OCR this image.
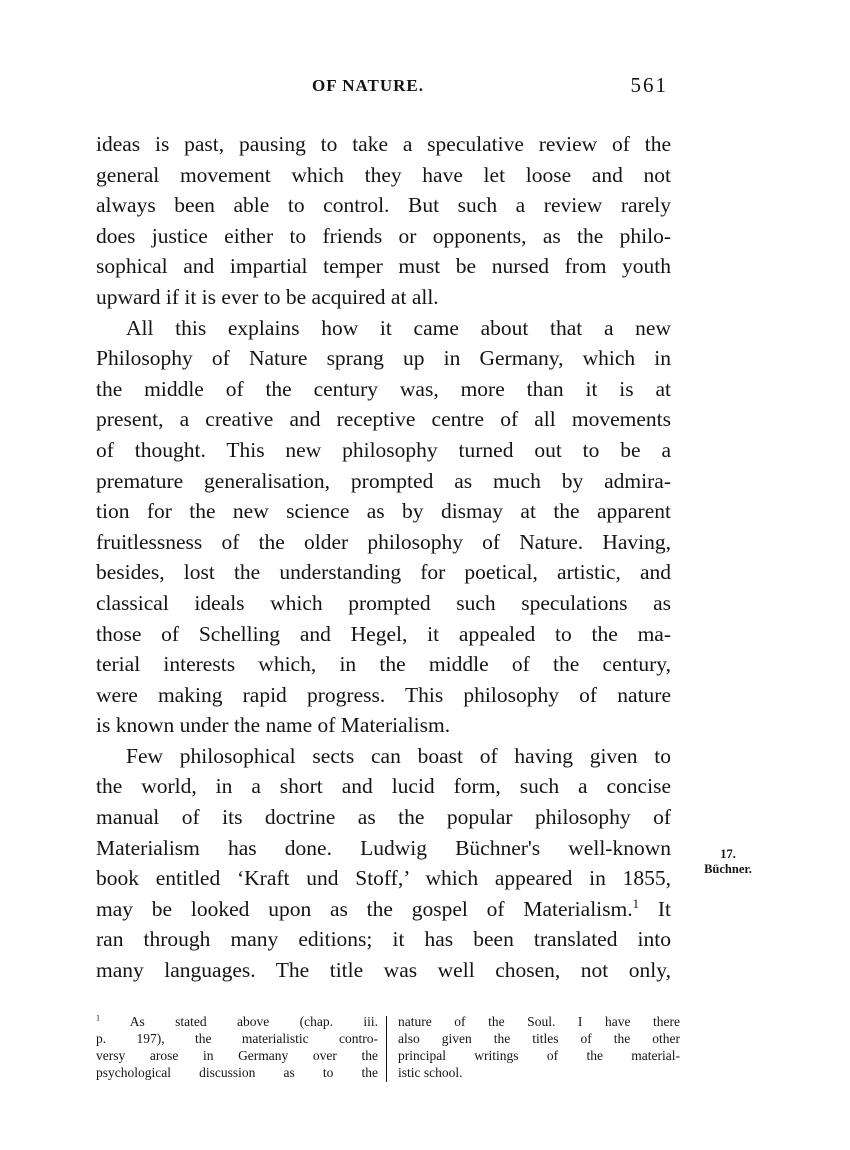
OF NATURE.	561
ideas is past, pausing to take a speculative review of the
general movement which they have let loose and not
always been able to control. But such a review rarely
does justice either to friends or opponents, as the philo-
sophical and impartial temper must be nursed from youth
upward if it is ever to be acquired at all.
All this explains how it came about that a new
Philosophy of Nature sprang up in Germany, which in
the middle of the century was, more than it is at
present, a creative and receptive centre of all movements
of thought. This new philosophy turned out to be a
premature generalisation, prompted as much by admira-
tion for the new science as by dismay at the apparent
fruitlessness of the older philosophy of Nature. Having,
besides, lost the understanding for poetical, artistic, and
classical ideals which prompted such speculations as
those of Schelling and Hegel, it appealed to the ma-
terial interests which, in the middle of the century,
were making rapid progress. This philosophy of nature
is known under the name of Materialism.
Few philosophical sects can boast of having given to
the world, in a short and lucid form, such a concise
manual of its doctrine as the popular philosophy of
Materialism has done. Ludwig Büchner's well-known
book entitled ‘Kraft und Stoff,’ which appeared in 1855,
may be looked upon as the gospel of Materialism.$^1$ It
ran through many editions; it has been translated into
many languages. The title was well chosen, not only,
17.
Büchner.
$^1$ As stated above (chap. iii.
p. 197), the materialistic contro-
versy arose in Germany over the
psychological discussion as to the
nature of the Soul. I have there
also given the titles of the other
principal writings of the material-
istic school.
